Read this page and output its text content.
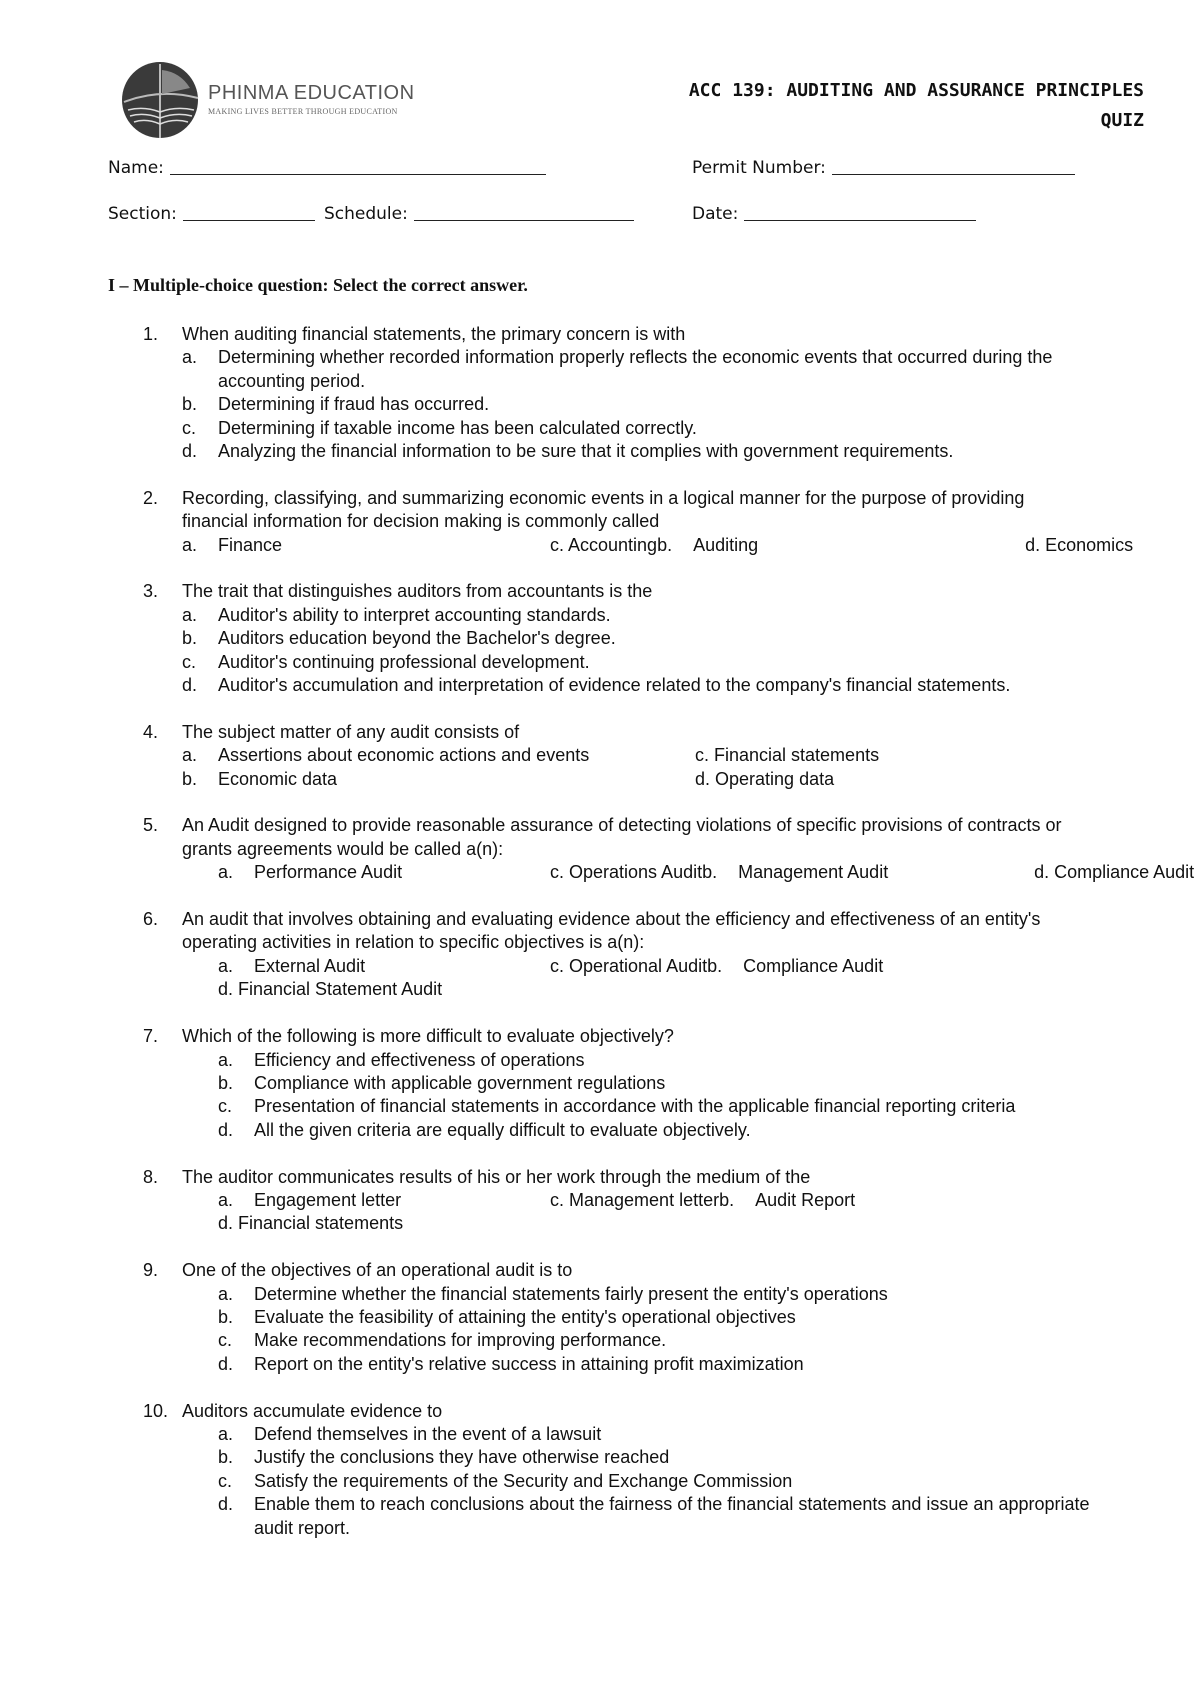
PHINMA EDUCATION
MAKING LIVES BETTER THROUGH EDUCATION
ACC 139: AUDITING AND ASSURANCE PRINCIPLES
QUIZ
Name:	Permit Number:
Section:	Schedule:	Date:
I – Multiple-choice question: Select the correct answer.
1. When auditing financial statements, the primary concern is with
a. Determining whether recorded information properly reflects the economic events that occurred during the accounting period.
b. Determining if fraud has occurred.
c. Determining if taxable income has been calculated correctly.
d. Analyzing the financial information to be sure that it complies with government requirements.
2. Recording, classifying, and summarizing economic events in a logical manner for the purpose of providing financial information for decision making is commonly called
a. Finance	c. Accounting b. Auditing	d. Economics
3. The trait that distinguishes auditors from accountants is the
a. Auditor's ability to interpret accounting standards.
b. Auditors education beyond the Bachelor's degree.
c. Auditor's continuing professional development.
d. Auditor's accumulation and interpretation of evidence related to the company's financial statements.
4. The subject matter of any audit consists of
a. Assertions about economic actions and events	c. Financial statements
b. Economic data	d. Operating data
5. An Audit designed to provide reasonable assurance of detecting violations of specific provisions of contracts or grants agreements would be called a(n):
a. Performance Audit	c. Operations Audit b. Management Audit	d. Compliance Audit
6. An audit that involves obtaining and evaluating evidence about the efficiency and effectiveness of an entity's operating activities in relation to specific objectives is a(n):
a. External Audit	c. Operational Audit b. Compliance Audit
d. Financial Statement Audit
7. Which of the following is more difficult to evaluate objectively?
a. Efficiency and effectiveness of operations
b. Compliance with applicable government regulations
c. Presentation of financial statements in accordance with the applicable financial reporting criteria
d. All the given criteria are equally difficult to evaluate objectively.
8. The auditor communicates results of his or her work through the medium of the
a. Engagement letter	c. Management letter b. Audit Report
d. Financial statements
9. One of the objectives of an operational audit is to
a. Determine whether the financial statements fairly present the entity's operations
b. Evaluate the feasibility of attaining the entity's operational objectives
c. Make recommendations for improving performance.
d. Report on the entity's relative success in attaining profit maximization
10. Auditors accumulate evidence to
a. Defend themselves in the event of a lawsuit
b. Justify the conclusions they have otherwise reached
c. Satisfy the requirements of the Security and Exchange Commission
d. Enable them to reach conclusions about the fairness of the financial statements and issue an appropriate audit report.
